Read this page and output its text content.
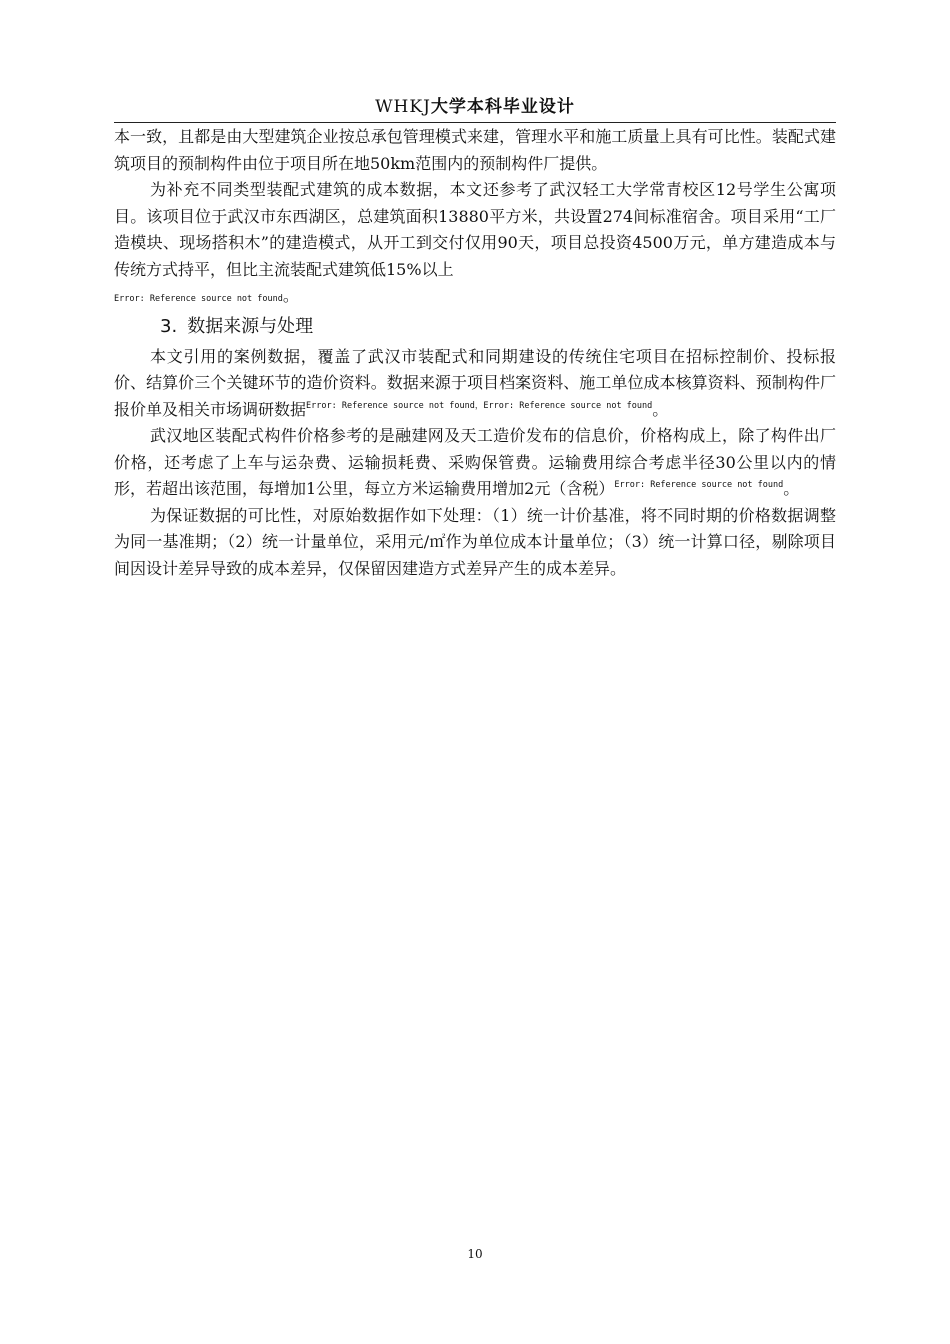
WHKJ大学本科毕业设计

本一致，且都是由大型建筑企业按总承包管理模式来建，管理水平和施工质量上具有可比性。装配式建筑项目的预制构件由位于项目所在地50km范围内的预制构件厂提供。

为补充不同类型装配式建筑的成本数据，本文还参考了武汉轻工大学常青校区12号学生公寓项目。该项目位于武汉市东西湖区，总建筑面积13880平方米，共设置274间标准宿舍。项目采用“工厂造模块、现场搭积木”的建造模式，从开工到交付仅用90天，项目总投资4500万元，单方建造成本与传统方式持平，但比主流装配式建筑低15%以上
Error: Reference source not found。

3. 数据来源与处理

本文引用的案例数据，覆盖了武汉市装配式和同期建设的传统住宅项目在招标控制价、投标报价、结算价三个关键环节的造价资料。数据来源于项目档案资料、施工单位成本核算资料、预制构件厂报价单及相关市场调研数据$^{Error: Reference source not found,Error: Reference source not found}$。

武汉地区装配式构件价格参考的是融建网及天工造价发布的信息价，价格构成上，除了构件出厂价格，还考虑了上车与运杂费、运输损耗费、采购保管费。运输费用综合考虑半径30公里以内的情形，若超出该范围，每增加1公里，每立方米运输费用增加2元（含税）$^{Error: Reference source not found}$。

为保证数据的可比性，对原始数据作如下处理：（1）统一计价基准，将不同时期的价格数据调整为同一基准期；（2）统一计量单位，采用元/㎡作为单位成本计量单位；（3）统一计算口径，剔除项目间因设计差异导致的成本差异，仅保留因建造方式差异产生的成本差异。

10
